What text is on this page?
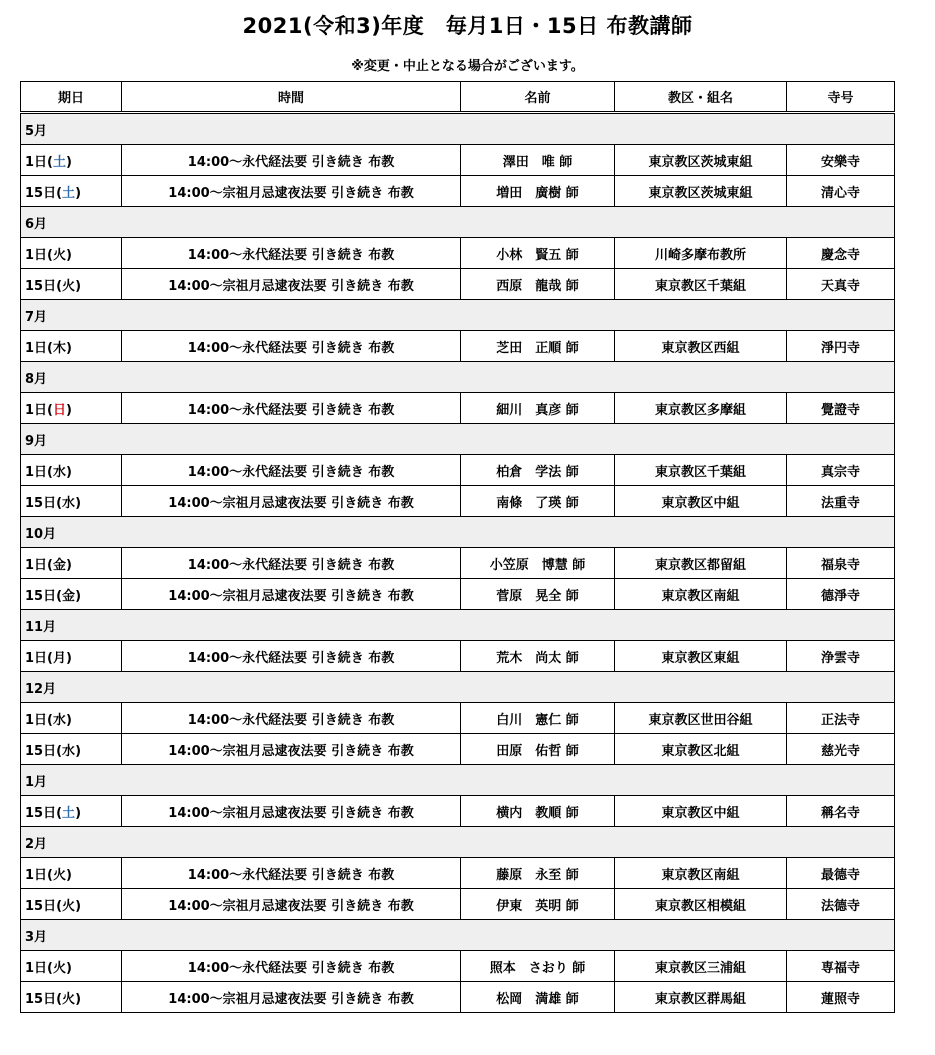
2021(令和3)年度　毎月1日・15日 布教講師
※変更・中止となる場合がございます。
期日	時間	名前	教区・組名	寺号
5月				
1日(土)	14:00～永代経法要 引き続き 布教	澤田　唯 師	東京教区茨城東組	安樂寺
15日(土)	14:00～宗祖月忌逮夜法要 引き続き 布教	増田　廣樹 師	東京教区茨城東組	清心寺
6月				
1日(火)	14:00～永代経法要 引き続き 布教	小林　賢五 師	川崎多摩布教所	慶念寺
15日(火)	14:00～宗祖月忌逮夜法要 引き続き 布教	西原　龍哉 師	東京教区千葉組	天真寺
7月				
1日(木)	14:00～永代経法要 引き続き 布教	芝田　正順 師	東京教区西組	淨円寺
8月				
1日(日)	14:00～永代経法要 引き続き 布教	細川　真彦 師	東京教区多摩組	覺證寺
9月				
1日(水)	14:00～永代経法要 引き続き 布教	柏倉　学法 師	東京教区千葉組	真宗寺
15日(水)	14:00～宗祖月忌逮夜法要 引き続き 布教	南條　了瑛 師	東京教区中組	法重寺
10月				
1日(金)	14:00～永代経法要 引き続き 布教	小笠原　博慧 師	東京教区都留組	福泉寺
15日(金)	14:00～宗祖月忌逮夜法要 引き続き 布教	菅原　晃全 師	東京教区南組	德淨寺
11月				
1日(月)	14:00～永代経法要 引き続き 布教	荒木　尚太 師	東京教区東組	浄雲寺
12月				
1日(水)	14:00～永代経法要 引き続き 布教	白川　憲仁 師	東京教区世田谷組	正法寺
15日(水)	14:00～宗祖月忌逮夜法要 引き続き 布教	田原　佑哲 師	東京教区北組	慈光寺
1月				
15日(土)	14:00～宗祖月忌逮夜法要 引き続き 布教	横内　教順 師	東京教区中組	稱名寺
2月				
1日(火)	14:00～永代経法要 引き続き 布教	藤原　永至 師	東京教区南組	最德寺
15日(火)	14:00～宗祖月忌逮夜法要 引き続き 布教	伊東　英明 師	東京教区相模組	法德寺
3月				
1日(火)	14:00～永代経法要 引き続き 布教	照本　さおり 師	東京教区三浦組	専福寺
15日(火)	14:00～宗祖月忌逮夜法要 引き続き 布教	松岡　満雄 師	東京教区群馬組	蓮照寺
